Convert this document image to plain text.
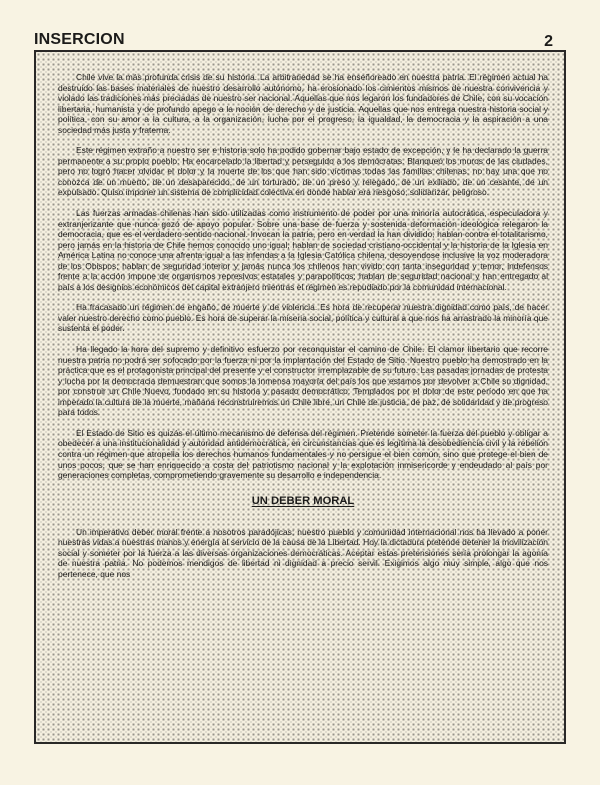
INSERCION	2

Chile vive la más profunda crisis de su historia. La arbitrariedad se ha enseñoreado en nuestra patria. El régimen actual ha destruido las bases materiales de nuestro desarrollo autónomo, ha erosionado los cimientos mismos de nuestra convivencia y violado las tradiciones más preciadas de nuestro ser nacional. Aquellas que nos legaron los fundadores de Chile, con su vocación libertaria, humanista y de profundo apego a la noción de derecho y de justicia. Aquellas que nos entrega nuestra historia social y política, con su amor a la cultura, a la organización, lucha por el progreso, la igualdad, la democracia y la aspiración a una sociedad más justa y fraterna.

Este régimen extraño a nuestro ser e historia solo ha podido gobernar bajo estado de excepción, y le ha declarado la guerra permanente a su propio pueblo. Ha encarcelado la libertad y perseguido a los demócratas. Blanqueó los muros de las ciudades, pero no logró hacer olvidar el dolor y la muerte de los que han sido víctimas todas las familias chilenas, no hay una que no conozca de un muerto, de un desaparecido, de un torturado, de un preso y relegado, de un exiliado, de un cesante, de un expulsado. Quiso imponer un sistema de complicidad colectiva en donde hablar era riesgoso; solidarizar, peligroso.

Las fuerzas armadas chilenas han sido utilizadas como instrumento de poder por una minoría autocrática, especuladora y extranjerizante que nunca gozó de apoyo popular. Sobre una base de fuerza y sostenida deformación ideológica relegaron la democracia, que es el verdadero sentido nacional. Invocan la patria, pero en verdad la han dividido; hablan contra el totalitarismo, pero jamás en la historia de Chile hemos conocido uno igual; hablan de sociedad cristiano-occidental y la historia de la Iglesia en América Latina no conoce una afrenta igual a las infendas a la Iglesia Católica chilena, desoyendose inclusive la voz moderadora de los Obispos; hablan de seguridad interior y jamás nunca los chilenos han vivido con tanta inseguridad y temor, indefensos frente a la acción impune de organismos represivos estatales y parapolíticos; hablan de seguridad nacional y han entregado al país a los designios económicos del capital extranjero mientras el régimen es repudiado por la comunidad internacional.

Ha fracasado un régimen de engaño, de muerte y de violencia. Es hora de recuperar nuestra dignidad como país, de hacer valer nuestro derecho como pueblo. Es hora de superar la miseria social, política y cultural a que nos ha arrastrado la minoría que sustenta el poder.

Ha llegado la hora del supremo y definitivo esfuerzo por reconquistar el camino de Chile. El clamor libertario que recorre nuestra patria no podrá ser sofocado por la fuerza ni por la implantación del Estado de Sitio. Nuestro pueblo ha demostrado en la práctica que es el protagonista principal del presente y el constructor irremplazable de su futuro. Las pasadas jornadas de protesta y lucha por la democracia demuestran que somos la inmensa mayoría del país los que estamos por devolver a Chile su dignidad, por construir un Chile Nuevo, fundado en su historia y pasado democrático. Templados por el dolor de este período en que ha imperado la cultura de la muerte, mañana reconstruiremos un Chile libre, un Chile de justicia, de paz, de solidaridad y de progreso para todos.

El Estado de Sitio es quizás el último mecanismo de defensa del régimen. Pretende someter la fuerza del pueblo y obligar a obedecer a una institucionalidad y autoridad antidemocrática, en circunstancias que es legítima la desobediencia civil y la rebelión contra un régimen que atropella los derechos humanos fundamentales y no persigue el bien común, sino que protege el bien de unos pocos, que se han enriquecido a costa del patriotismo nacional y la explotación inmisericorde y endeudado al país por generaciones completas, comprometiendo gravemente su desarrollo e independencia.

UN DEBER MORAL

Un imperativo deber moral frente a nosotros paradójicas; nuestro pueblo y comunidad internacional nos ha llevado a poner nuestras vidas a nuestras manos y energía al servicio de la causa de la Libertad. Hoy la dictadura pretende detener la movilización social y someter por la fuerza a las diversas organizaciones democráticas. Aceptar estas pretensiones sería prolongar la agonía de nuestra patria. No podemos mendigos de libertad ni dignidad a precio servil. Exigimos algo muy simple, algo que nos pertenece, que nos
